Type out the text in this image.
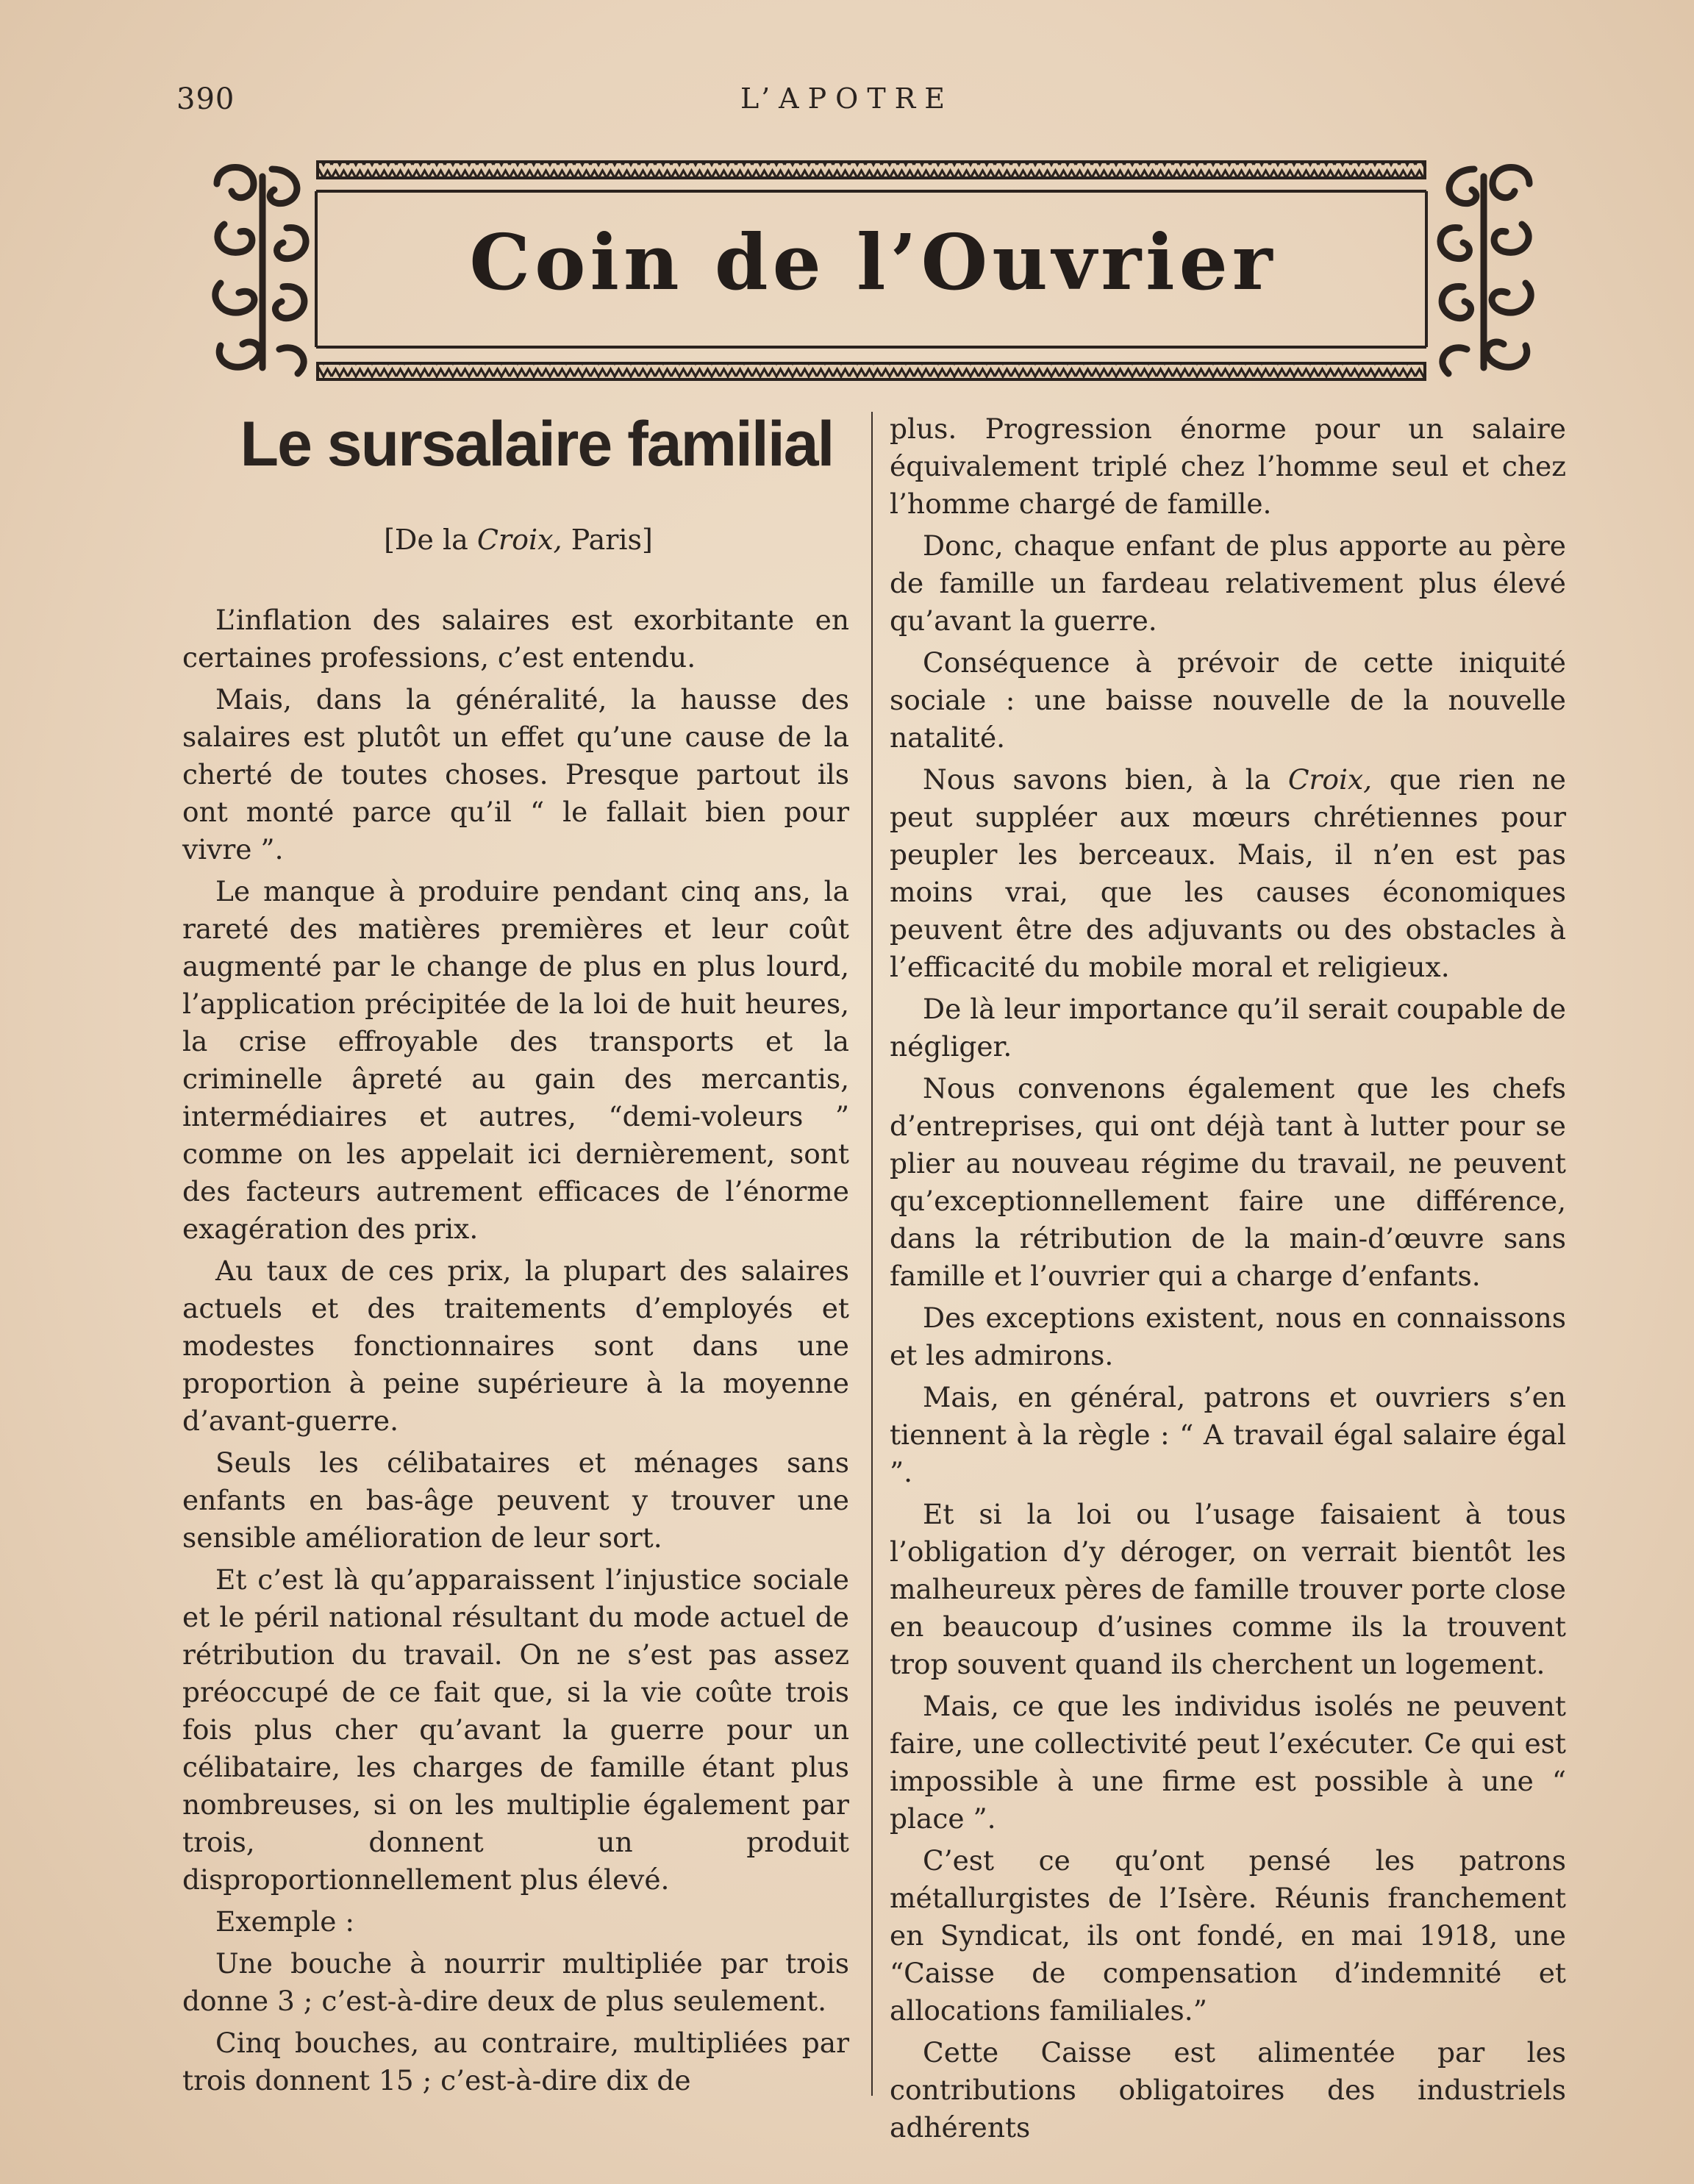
390	L’APOTRE
Coin de l’Ouvrier
Le sursalaire familial
[De la Croix, Paris]

L’inflation des salaires est exorbitante en certaines professions, c’est entendu.

Mais, dans la généralité, la hausse des salaires est plutôt un effet qu’une cause de la cherté de toutes choses. Presque partout ils ont monté parce qu’il “ le fallait bien pour vivre ”.

Le manque à produire pendant cinq ans, la rareté des matières premières et leur coût augmenté par le change de plus en plus lourd, l’application précipitée de la loi de huit heures, la crise effroyable des transports et la criminelle âpreté au gain des mercantis, intermédiaires et autres, “demi-voleurs ” comme on les appelait ici dernièrement, sont des facteurs autrement efficaces de l’énorme exagération des prix.

Au taux de ces prix, la plupart des salaires actuels et des traitements d’employés et modestes fonctionnaires sont dans une proportion à peine supérieure à la moyenne d’avant-guerre.

Seuls les célibataires et ménages sans enfants en bas-âge peuvent y trouver une sensible amélioration de leur sort.

Et c’est là qu’apparaissent l’injustice sociale et le péril national résultant du mode actuel de rétribution du travail. On ne s’est pas assez préoccupé de ce fait que, si la vie coûte trois fois plus cher qu’avant la guerre pour un célibataire, les charges de famille étant plus nombreuses, si on les multiplie également par trois, donnent un produit disproportionnellement plus élevé.

Exemple :

Une bouche à nourrir multipliée par trois donne 3 ; c’est-à-dire deux de plus seulement.

Cinq bouches, au contraire, multipliées par trois donnent 15 ; c’est-à-dire dix de

plus. Progression énorme pour un salaire équivalement triplé chez l’homme seul et chez l’homme chargé de famille.

Donc, chaque enfant de plus apporte au père de famille un fardeau relativement plus élevé qu’avant la guerre.

Conséquence à prévoir de cette iniquité sociale : une baisse nouvelle de la nouvelle natalité.

Nous savons bien, à la Croix, que rien ne peut suppléer aux mœurs chrétiennes pour peupler les berceaux. Mais, il n’en est pas moins vrai, que les causes économiques peuvent être des adjuvants ou des obstacles à l’efficacité du mobile moral et religieux.

De là leur importance qu’il serait coupable de négliger.

Nous convenons également que les chefs d’entreprises, qui ont déjà tant à lutter pour se plier au nouveau régime du travail, ne peuvent qu’exceptionnellement faire une différence, dans la rétribution de la main-d’œuvre sans famille et l’ouvrier qui a charge d’enfants.

Des exceptions existent, nous en connaissons et les admirons.

Mais, en général, patrons et ouvriers s’en tiennent à la règle : “ A travail égal salaire égal ”.

Et si la loi ou l’usage faisaient à tous l’obligation d’y déroger, on verrait bientôt les malheureux pères de famille trouver porte close en beaucoup d’usines comme ils la trouvent trop souvent quand ils cherchent un logement.

Mais, ce que les individus isolés ne peuvent faire, une collectivité peut l’exécuter. Ce qui est impossible à une firme est possible à une “ place ”.

C’est ce qu’ont pensé les patrons métallurgistes de l’Isère. Réunis franchement en Syndicat, ils ont fondé, en mai 1918, une “Caisse de compensation d’indemnité et allocations familiales.”

Cette Caisse est alimentée par les contributions obligatoires des industriels adhérents
